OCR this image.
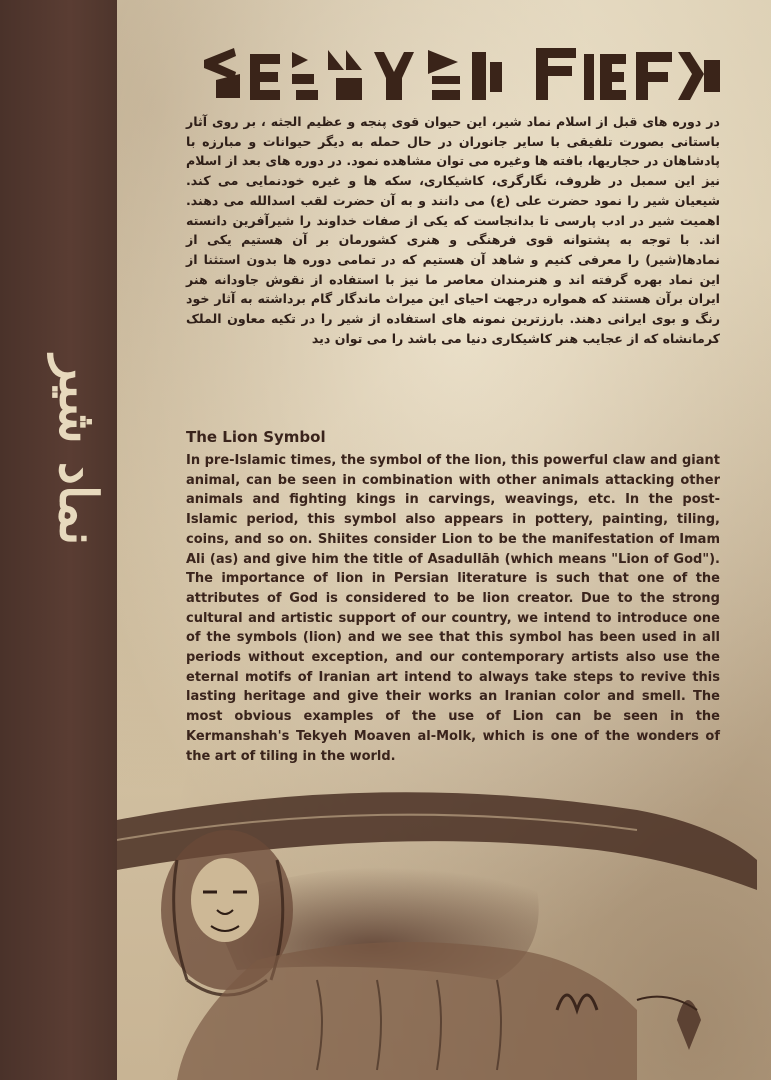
نماد شیر
در دوره های قبل از اسلام نماد شیر، این حیوان قوی پنجه و عظیم الجثه ، بر روی آثار باستانی بصورت تلفیقی با سایر جانوران در حال حمله به دیگر حیوانات و مبارزه با پادشاهان در حجاریها، بافته ها وغیره می توان مشاهده نمود. در دوره های بعد از اسلام نیز این سمبل در ظروف، نگارگری، کاشیکاری، سکه ها و غیره خودنمایی می کند. شیعیان شیر را نمود حضرت علی (ع) می دانند و به آن حضرت لقب اسدالله می دهند. اهمیت شیر در ادب پارسی تا بدانجاست که یکی از صفات خداوند را شیرآفرین دانسته اند. با توجه به پشتوانه قوی فرهنگی و هنری کشورمان بر آن هستیم یکی از نمادها(شیر) را معرفی کنیم و شاهد آن هستیم که در تمامی دوره ها بدون استثنا از این نماد بهره گرفته اند و هنرمندان معاصر ما نیز با استفاده از نقوش جاودانه هنر ایران برآن هستند که همواره درجهت احیای این میراث ماندگار گام برداشته به آثار خود رنگ و بوی ایرانی دهند. بارزترین نمونه های استفاده از شیر را در تکیه معاون الملک کرمانشاه که از عجایب هنر کاشیکاری دنیا می باشد را می توان دید
The Lion Symbol
In pre-Islamic times, the symbol of the lion, this powerful claw and giant animal, can be seen in combination with other animals attacking other animals and fighting kings in carvings, weavings, etc. In the post-Islamic period, this symbol also appears in pottery, painting, tiling, coins, and so on. Shiites consider Lion to be the manifestation of Imam Ali (as) and give him the title of Asadullāh (which means "Lion of God"). The importance of lion in Persian literature is such that one of the attributes of God is considered to be lion creator. Due to the strong cultural and artistic support of our country, we intend to introduce one of the symbols (lion) and we see that this symbol has been used in all periods without exception, and our contemporary artists also use the eternal motifs of Iranian art intend to always take steps to revive this lasting heritage and give their works an Iranian color and smell. The most obvious examples of the use of Lion can be seen in the Kermanshah's Tekyeh Moaven al-Molk, which is one of the wonders of the art of tiling in the world.
